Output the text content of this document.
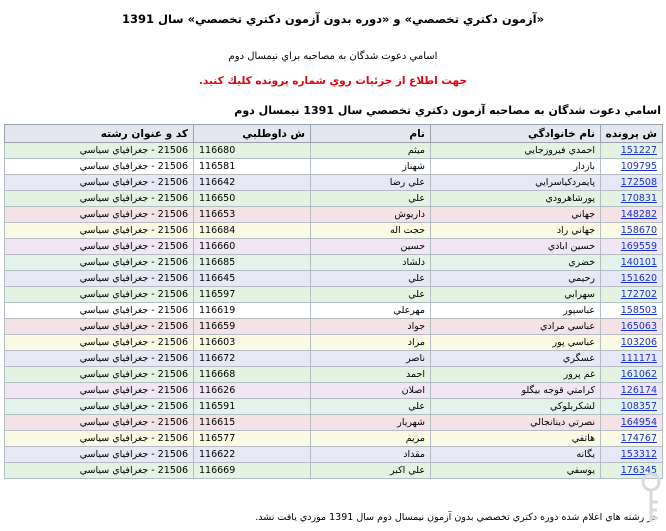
«آزمون دكتري تخصصي» و «دوره بدون آزمون دكتري تخصصي» سال 1391
اسامي دعوت شدگان به مصاحبه براي نيمسال دوم
جهت اطلاع از جزئيات روي شماره پرونده كليك كنيد.
اسامي دعوت شدگان به مصاحبه آزمون دكتري تخصصي سال 1391 نيمسال دوم
ش پرونده	نام خانوادگي	نام	ش داوطلبي	كد و عنوان رشته
151227	احمدي فيروزجايي	ميثم	116680	21506 - جغرافياي سياسي
109795	بازدار	شهناز	116581	21506 - جغرافياي سياسي
172508	پايمردكياسرايي	علي رضا	116642	21506 - جغرافياي سياسي
170831	پورشاهرودي	علي	116650	21506 - جغرافياي سياسي
148282	جهاني	داريوش	116653	21506 - جغرافياي سياسي
158670	جهاني راد	حجت اله	116684	21506 - جغرافياي سياسي
169559	حسين ابادي	حسين	116660	21506 - جغرافياي سياسي
140101	خضري	دلشاد	116685	21506 - جغرافياي سياسي
151620	رحيمي	علي	116645	21506 - جغرافياي سياسي
172702	سهرابي	علي	116597	21506 - جغرافياي سياسي
158503	عباسپور	مهرعلي	116619	21506 - جغرافياي سياسي
165063	عباسي مرادي	جواد	116659	21506 - جغرافياي سياسي
103206	عباسي پور	مراد	116603	21506 - جغرافياي سياسي
111171	عسگري	ناصر	116672	21506 - جغرافياي سياسي
161062	غم پرور	احمد	116668	21506 - جغرافياي سياسي
126174	كرامتي قوجه بيگلو	اصلان	116626	21506 - جغرافياي سياسي
108357	لشكربلوكي	علي	116591	21506 - جغرافياي سياسي
164954	نصرتي دينانجالي	شهريار	116615	21506 - جغرافياي سياسي
174767	هاتفي	مريم	116577	21506 - جغرافياي سياسي
153312	يگانه	مقداد	116622	21506 - جغرافياي سياسي
176345	يوسفي	علي اكبر	116669	21506 - جغرافياي سياسي
در رشته هاي اعلام شده دوره دكتري تخصصي بدون آزمون نيمسال دوم سال 1391 موردي يافت نشد.
